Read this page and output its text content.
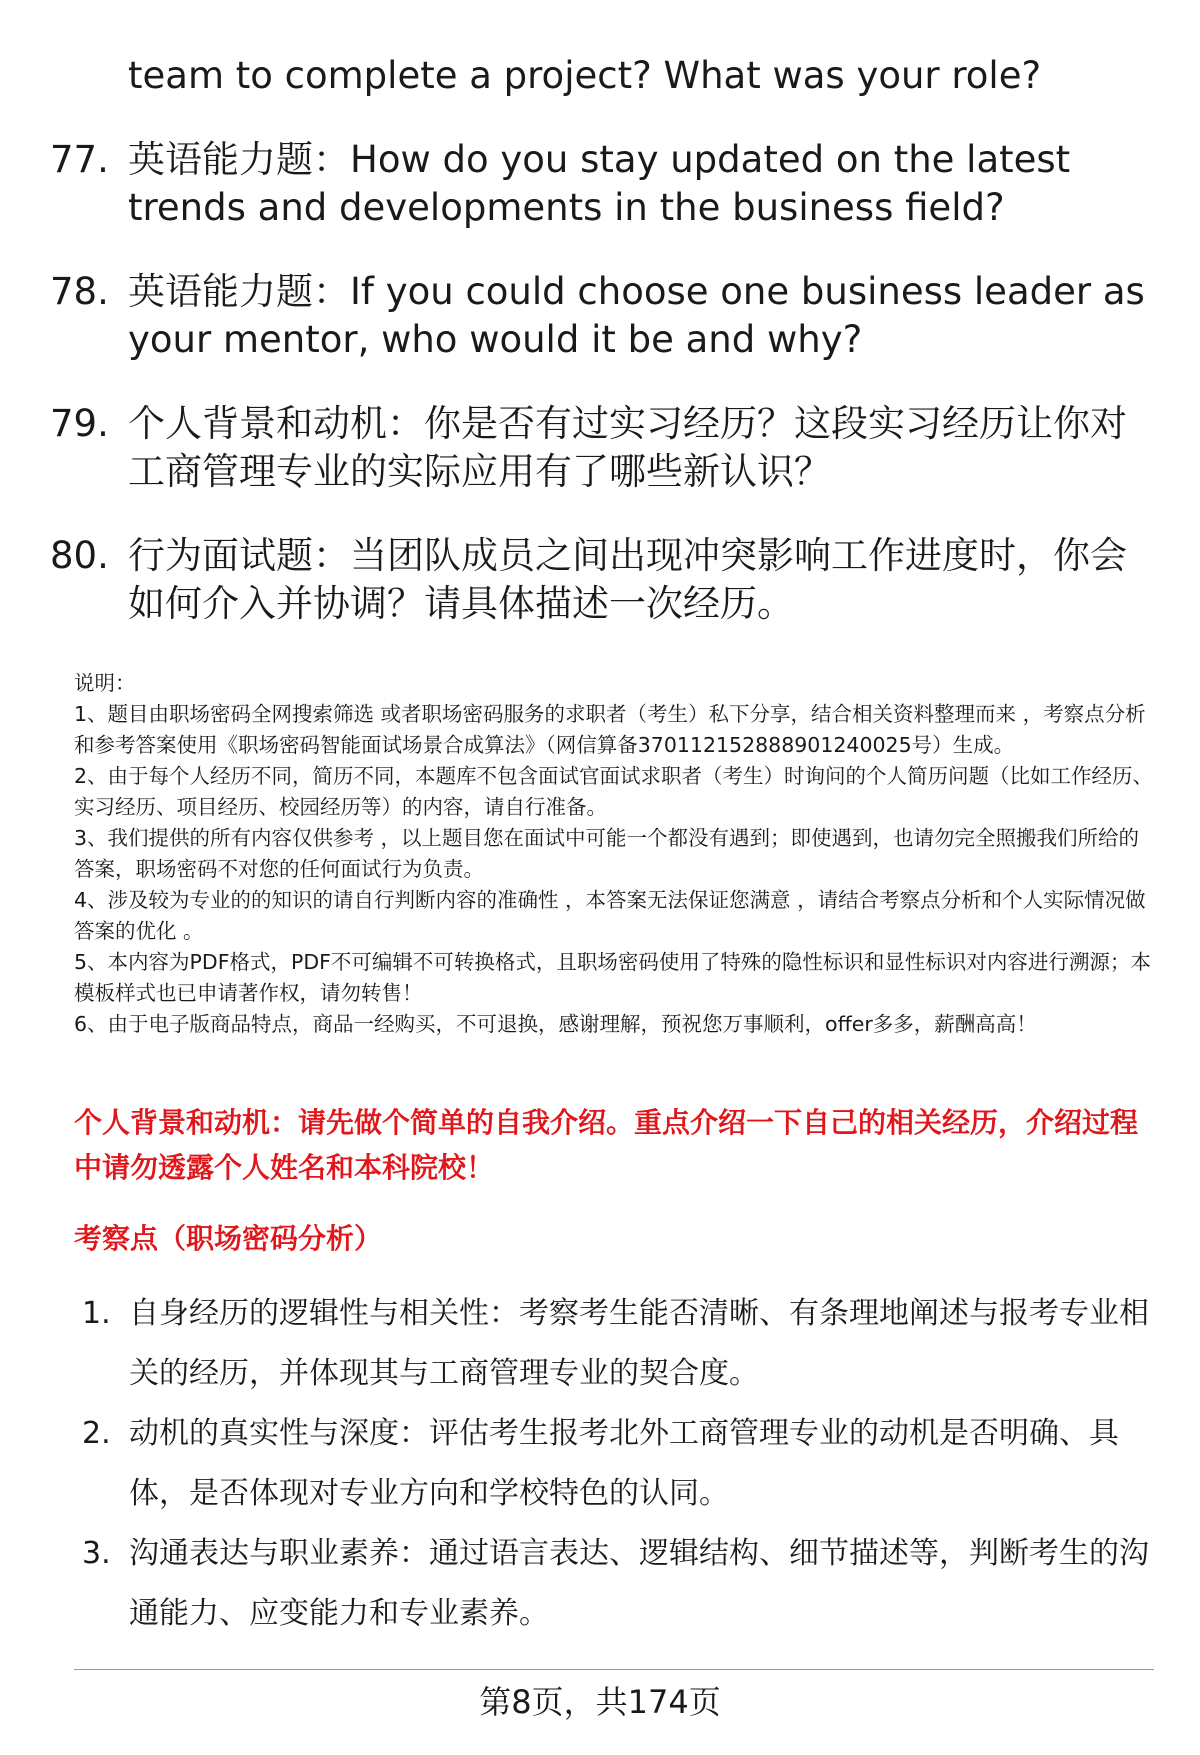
team to complete a project? What was your role?
77. 英语能力题：How do you stay updated on the latest trends and developments in the business field?
78. 英语能力题：If you could choose one business leader as your mentor, who would it be and why?
79. 个人背景和动机：你是否有过实习经历？这段实习经历让你对工商管理专业的实际应用有了哪些新认识？
80. 行为面试题：当团队成员之间出现冲突影响工作进度时，你会如何介入并协调？请具体描述一次经历。

说明：

1、题目由职场密码全网搜索筛选 或者职场密码服务的求职者（考生）私下分享，结合相关资料整理而来 ，考察点分析和参考答案使用《职场密码智能面试场景合成算法》（网信算备370112152888901240025号）生成。

2、由于每个人经历不同，简历不同，本题库不包含面试官面试求职者（考生）时询问的个人简历问题（比如工作经历、实习经历、项目经历、校园经历等）的内容，请自行准备。

3、我们提供的所有内容仅供参考 ，以上题目您在面试中可能一个都没有遇到；即使遇到，也请勿完全照搬我们所给的答案，职场密码不对您的任何面试行为负责。

4、涉及较为专业的的知识的请自行判断内容的准确性 ，本答案无法保证您满意 ，请结合考察点分析和个人实际情况做答案的优化 。

5、本内容为PDF格式，PDF不可编辑不可转换格式，且职场密码使用了特殊的隐性标识和显性标识对内容进行溯源；本模板样式也已申请著作权，请勿转售！

6、由于电子版商品特点，商品一经购买，不可退换，感谢理解，预祝您万事顺利，offer多多，薪酬高高！

个人背景和动机：请先做个简单的自我介绍。重点介绍一下自己的相关经历，介绍过程中请勿透露个人姓名和本科院校！

考察点（职场密码分析）

1. 自身经历的逻辑性与相关性：考察考生能否清晰、有条理地阐述与报考专业相关的经历，并体现其与工商管理专业的契合度。
2. 动机的真实性与深度：评估考生报考北外工商管理专业的动机是否明确、具体，是否体现对专业方向和学校特色的认同。
3. 沟通表达与职业素养：通过语言表达、逻辑结构、细节描述等，判断考生的沟通能力、应变能力和专业素养。
第8页，共174页
